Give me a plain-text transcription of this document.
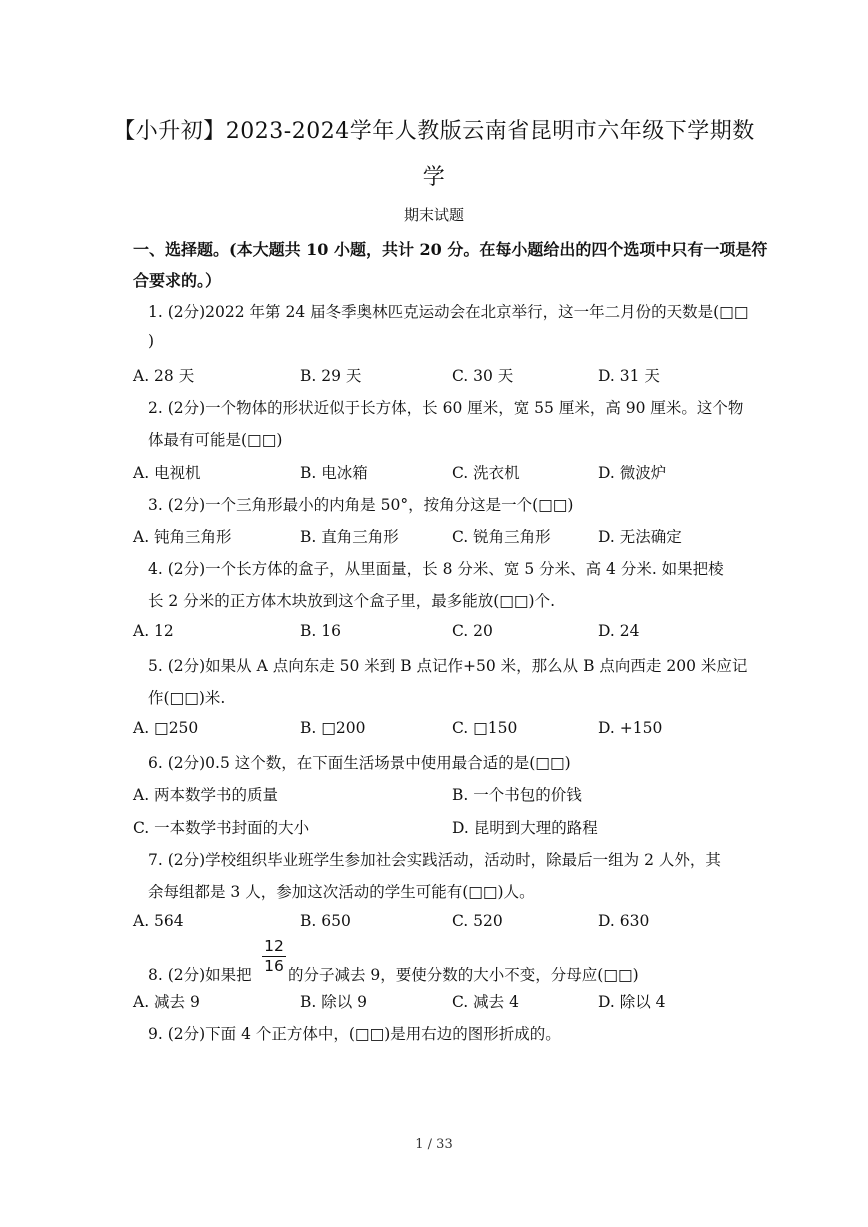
【小升初】2023-2024学年人教版云南省昆明市六年级下学期数
学
期末试题
一、选择题。(本大题共 10 小题，共计 20 分。在每小题给出的四个选项中只有一项是符
合要求的。）
1. (2分)2022 年第 24 届冬季奥林匹克运动会在北京举行，这一年二月份的天数是(□□
)
A. 28 天	B. 29 天	C. 30 天	D. 31 天
2. (2分)一个物体的形状近似于长方体，长 60 厘米，宽 55 厘米，高 90 厘米。这个物
体最有可能是(□□)
A. 电视机	B. 电冰箱	C. 洗衣机	D. 微波炉
3. (2分)一个三角形最小的内角是 50°，按角分这是一个(□□)
A. 钝角三角形	B. 直角三角形	C. 锐角三角形	D. 无法确定
4. (2分)一个长方体的盒子，从里面量，长 8 分米、宽 5 分米、高 4 分米. 如果把棱
长 2 分米的正方体木块放到这个盒子里，最多能放(□□)个.
A. 12	B. 16	C. 20	D. 24
5. (2分)如果从 A 点向东走 50 米到 B 点记作+50 米，那么从 B 点向西走 200 米应记
作(□□)米.
A. □250	B. □200	C. □150	D. +150
6. (2分)0.5 这个数，在下面生活场景中使用最合适的是(□□)
A. 两本数学书的质量	B. 一个书包的价钱
C. 一本数学书封面的大小	D. 昆明到大理的路程
7. (2分)学校组织毕业班学生参加社会实践活动，活动时，除最后一组为 2 人外，其
余每组都是 3 人，参加这次活动的学生可能有(□□)人。
A. 564	B. 650	C. 520	D. 630
8. (2分)如果把 $\frac{12}{16}$ 的分子减去 9，要使分数的大小不变，分母应(□□)
A. 减去 9	B. 除以 9	C. 减去 4	D. 除以 4
9. (2分)下面 4 个正方体中，(□□)是用右边的图形折成的。
1 / 33
